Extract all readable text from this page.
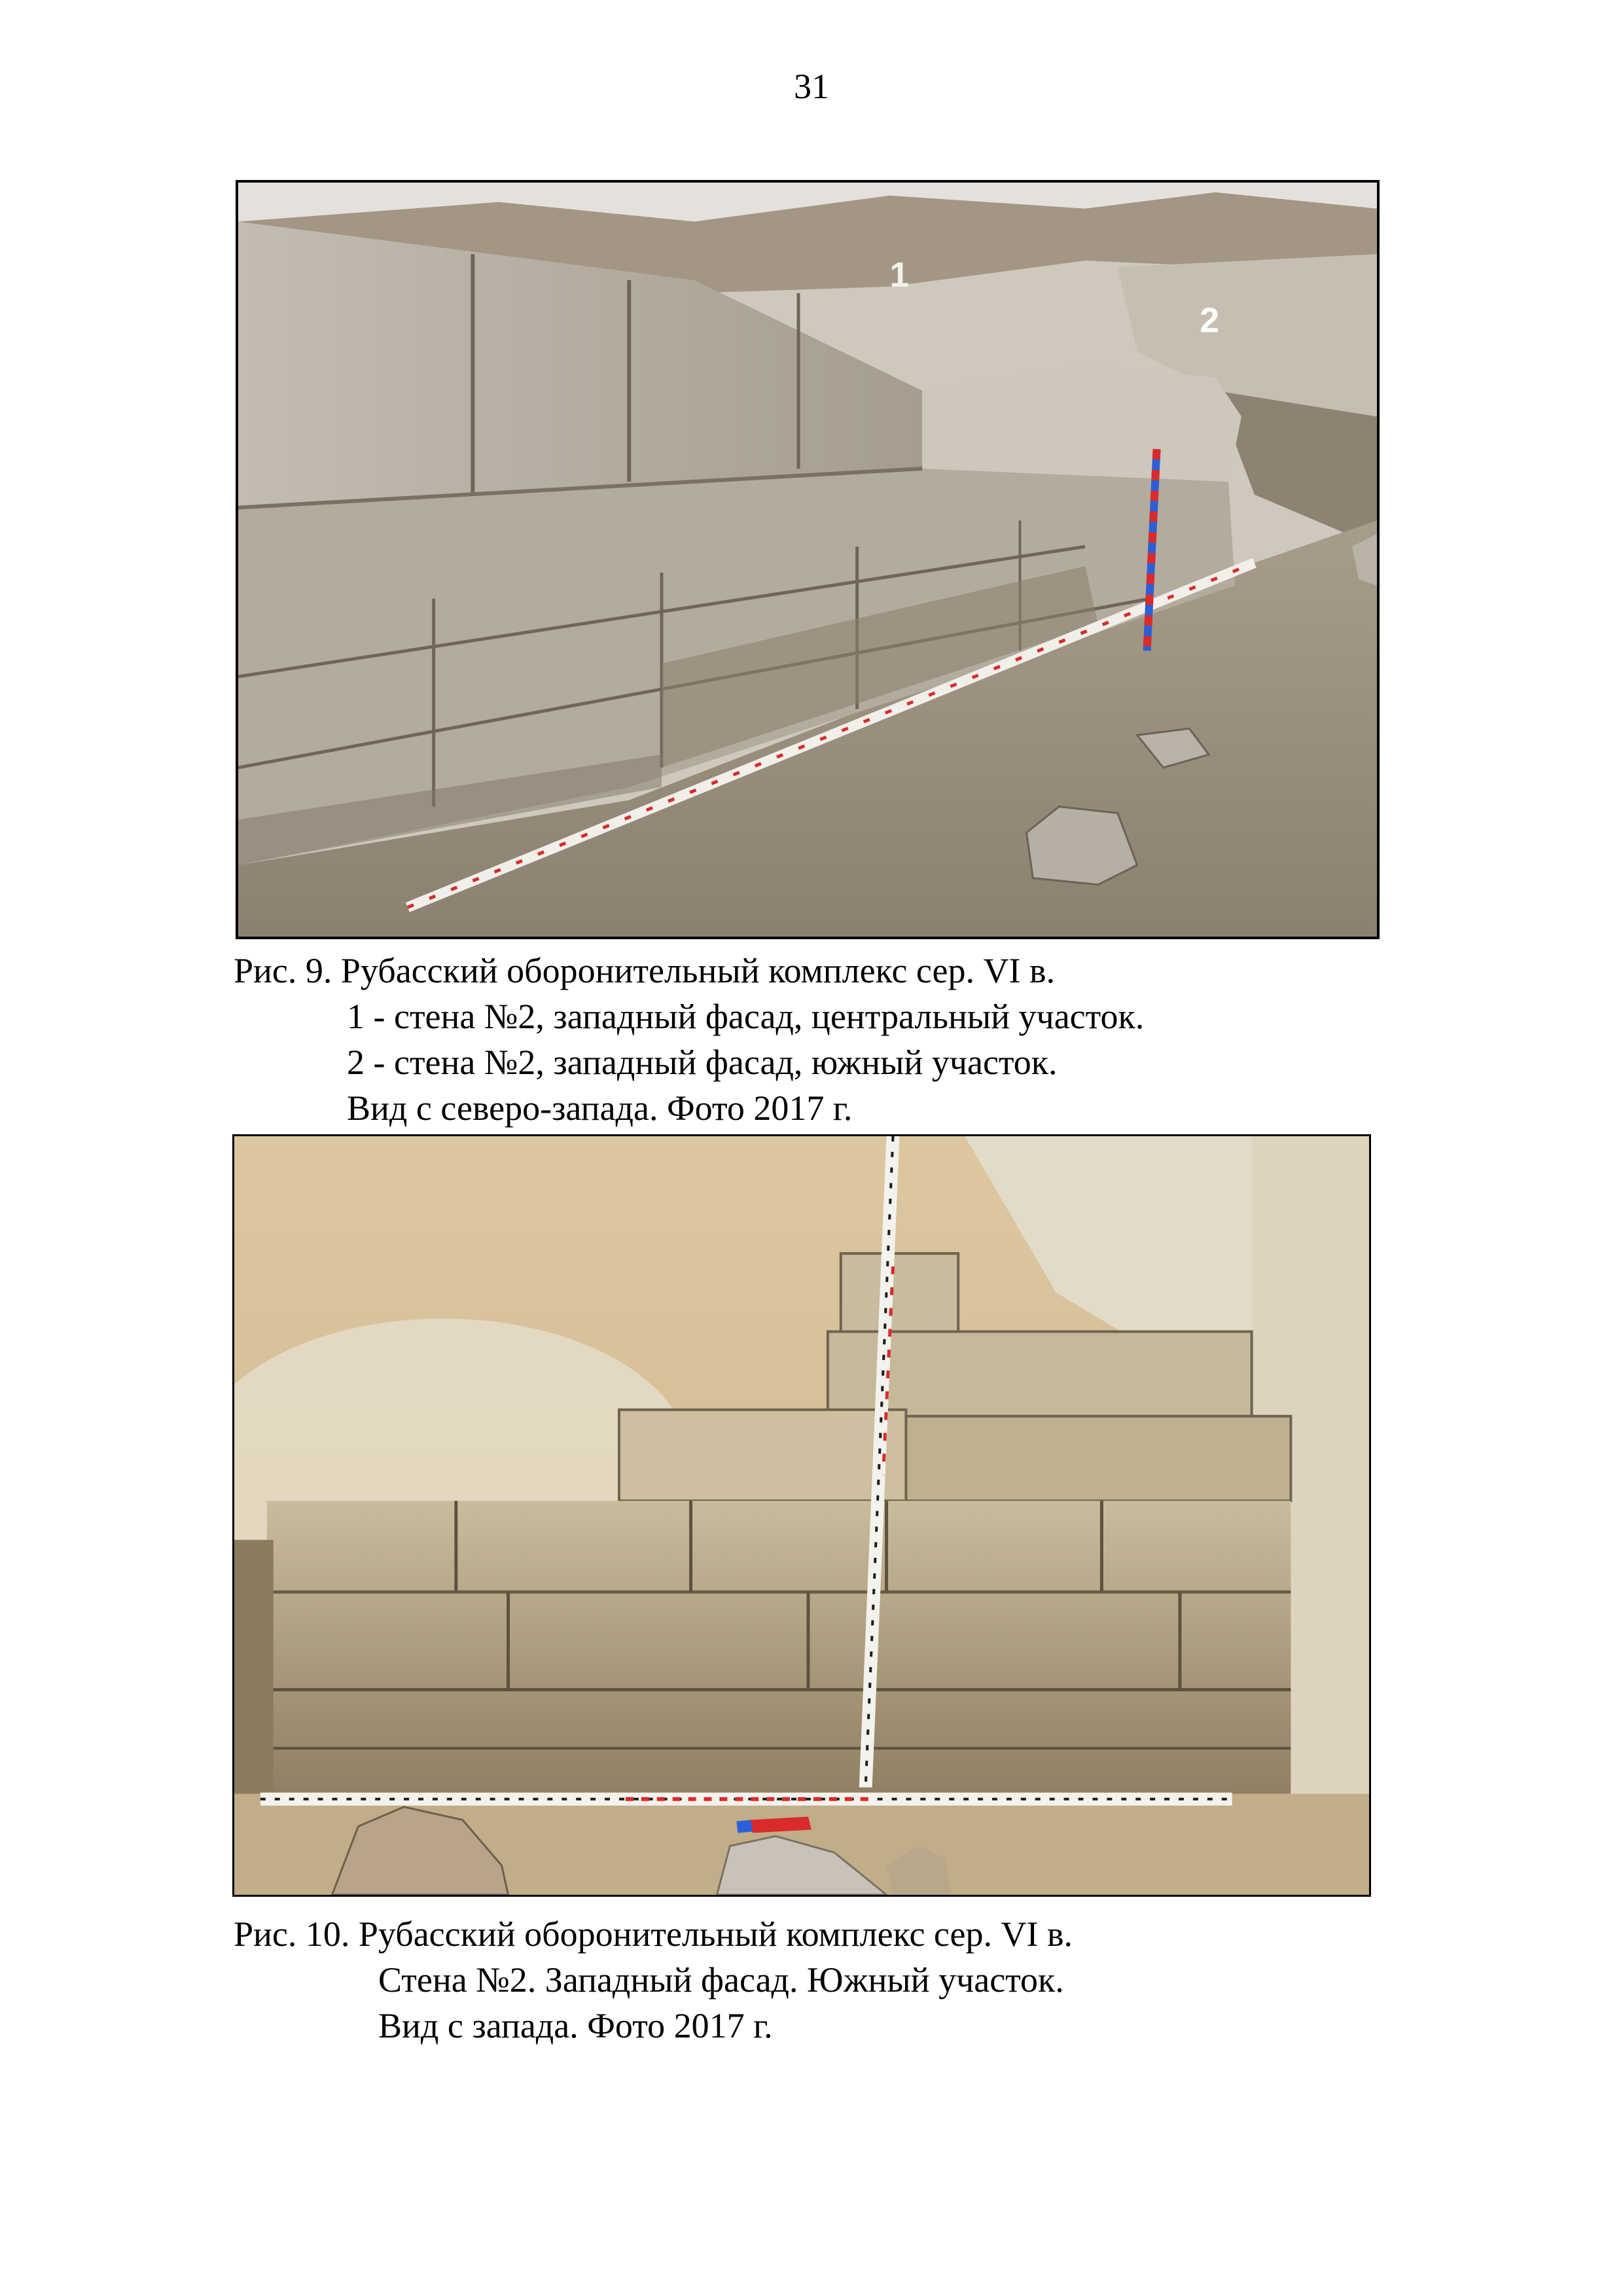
31
1
2
Рис. 9. Рубасский оборонительный комплекс сер. VI в.
1 - стена №2, западный фасад, центральный участок.
2 - стена №2, западный фасад, южный участок.
Вид с северо-запада. Фото 2017 г.
Рис. 10. Рубасский оборонительный комплекс сер. VI в.
Стена №2. Западный фасад. Южный участок.
Вид с запада. Фото 2017 г.
